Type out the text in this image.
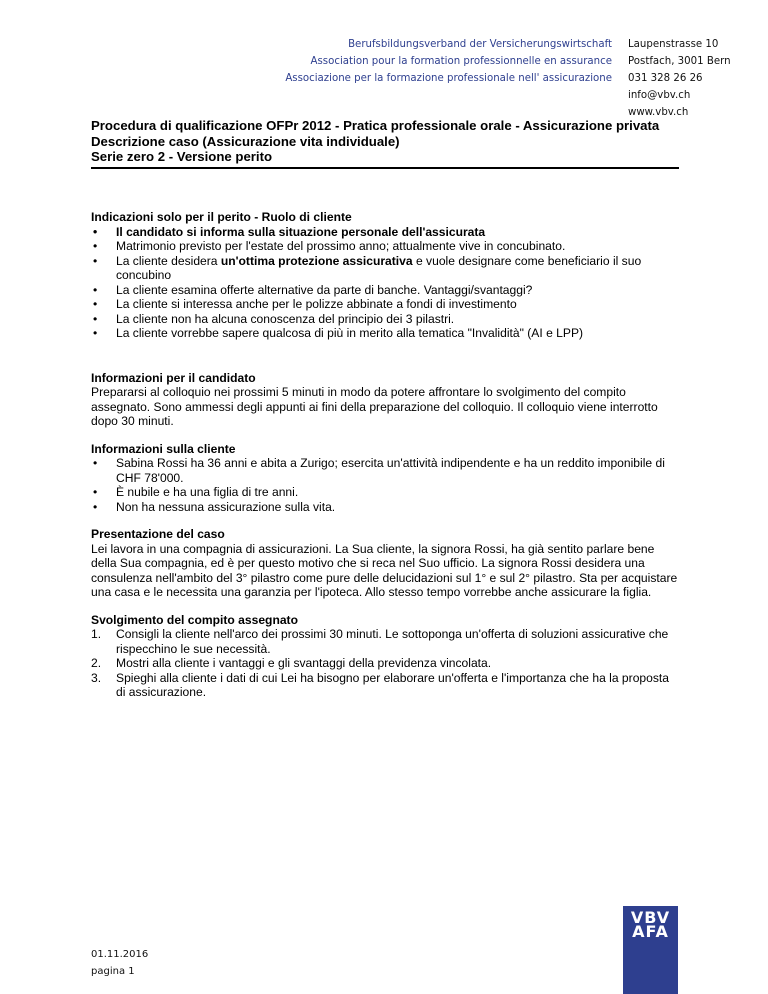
Berufsbildungsverband der Versicherungswirtschaft
Association pour la formation professionnelle en assurance
Associazione per la formazione professionale nell' assicurazione
Laupenstrasse 10
Postfach, 3001 Bern
031 328 26 26
info@vbv.ch
www.vbv.ch
Procedura di qualificazione OFPr 2012 - Pratica professionale orale - Assicurazione privata
Descrizione caso (Assicurazione vita individuale)
Serie zero 2 - Versione perito
Indicazioni solo per il perito - Ruolo di cliente
• Il candidato si informa sulla situazione personale dell'assicurata
• Matrimonio previsto per l'estate del prossimo anno; attualmente vive in concubinato.
• La cliente desidera un'ottima protezione assicurativa e vuole designare come beneficiario il suo concubino
• La cliente esamina offerte alternative da parte di banche. Vantaggi/svantaggi?
• La cliente si interessa anche per le polizze abbinate a fondi di investimento
• La cliente non ha alcuna conoscenza del principio dei 3 pilastri.
• La cliente vorrebbe sapere qualcosa di più in merito alla tematica "Invalidità" (AI e LPP)
Informazioni per il candidato
Prepararsi al colloquio nei prossimi 5 minuti in modo da potere affrontare lo svolgimento del compito assegnato. Sono ammessi degli appunti ai fini della preparazione del colloquio. Il colloquio viene interrotto dopo 30 minuti.
Informazioni sulla cliente
• Sabina Rossi ha 36 anni e abita a Zurigo; esercita un'attività indipendente e ha un reddito imponibile di CHF 78'000.
• È nubile e ha una figlia di tre anni.
• Non ha nessuna assicurazione sulla vita.
Presentazione del caso
Lei lavora in una compagnia di assicurazioni. La Sua cliente, la signora Rossi, ha già sentito parlare bene della Sua compagnia, ed è per questo motivo che si reca nel Suo ufficio. La signora Rossi desidera una consulenza nell'ambito del 3° pilastro come pure delle delucidazioni sul 1° e sul 2° pilastro. Sta per acquistare una casa e le necessita una garanzia per l'ipoteca. Allo stesso tempo vorrebbe anche assicurare la figlia.
Svolgimento del compito assegnato
1. Consigli la cliente nell'arco dei prossimi 30 minuti. Le sottoponga un'offerta di soluzioni assicurative che rispecchino le sue necessità.
2. Mostri alla cliente i vantaggi e gli svantaggi della previdenza vincolata.
3. Spieghi alla cliente i dati di cui Lei ha bisogno per elaborare un'offerta e l'importanza che ha la proposta di assicurazione.
01.11.2016
pagina 1
VBV
AFA
